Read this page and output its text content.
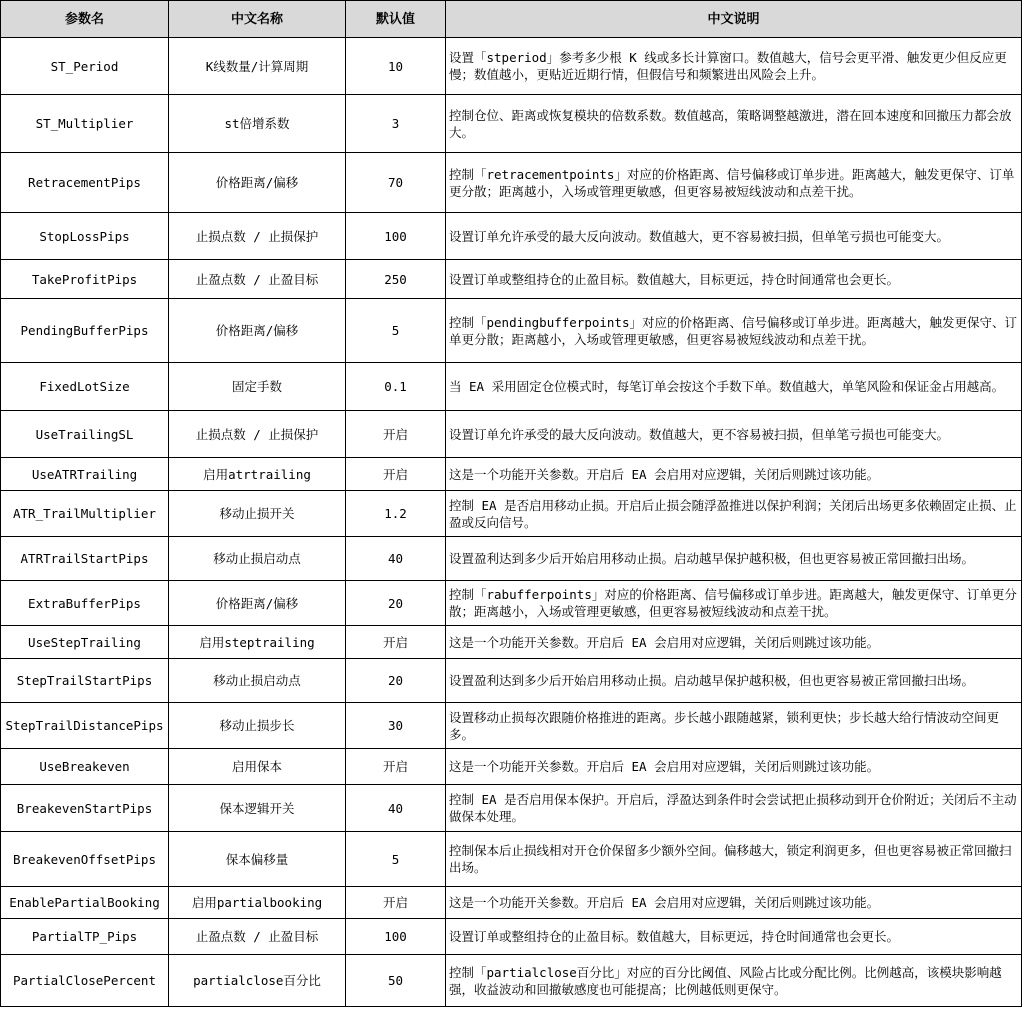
参数名	中文名称	默认值	中文说明
ST_Period	K线数量/计算周期	10	设置「stperiod」参考多少根 K 线或多长计算窗口。数值越大，信号会更平滑、触发更少但反应更慢；数值越小，更贴近近期行情，但假信号和频繁进出风险会上升。
ST_Multiplier	st倍增系数	3	控制仓位、距离或恢复模块的倍数系数。数值越高，策略调整越激进，潜在回本速度和回撤压力都会放大。
RetracementPips	价格距离/偏移	70	控制「retracementpoints」对应的价格距离、信号偏移或订单步进。距离越大，触发更保守、订单更分散；距离越小，入场或管理更敏感，但更容易被短线波动和点差干扰。
StopLossPips	止损点数 / 止损保护	100	设置订单允许承受的最大反向波动。数值越大，更不容易被扫损，但单笔亏损也可能变大。
TakeProfitPips	止盈点数 / 止盈目标	250	设置订单或整组持仓的止盈目标。数值越大，目标更远，持仓时间通常也会更长。
PendingBufferPips	价格距离/偏移	5	控制「pendingbufferpoints」对应的价格距离、信号偏移或订单步进。距离越大，触发更保守、订单更分散；距离越小，入场或管理更敏感，但更容易被短线波动和点差干扰。
FixedLotSize	固定手数	0.1	当 EA 采用固定仓位模式时，每笔订单会按这个手数下单。数值越大，单笔风险和保证金占用越高。
UseTrailingSL	止损点数 / 止损保护	开启	设置订单允许承受的最大反向波动。数值越大，更不容易被扫损，但单笔亏损也可能变大。
UseATRTrailing	启用atrtrailing	开启	这是一个功能开关参数。开启后 EA 会启用对应逻辑，关闭后则跳过该功能。
ATR_TrailMultiplier	移动止损开关	1.2	控制 EA 是否启用移动止损。开启后止损会随浮盈推进以保护利润；关闭后出场更多依赖固定止损、止盈或反向信号。
ATRTrailStartPips	移动止损启动点	40	设置盈利达到多少后开始启用移动止损。启动越早保护越积极，但也更容易被正常回撤扫出场。
ExtraBufferPips	价格距离/偏移	20	控制「rabufferpoints」对应的价格距离、信号偏移或订单步进。距离越大，触发更保守、订单更分散；距离越小，入场或管理更敏感，但更容易被短线波动和点差干扰。
UseStepTrailing	启用steptrailing	开启	这是一个功能开关参数。开启后 EA 会启用对应逻辑，关闭后则跳过该功能。
StepTrailStartPips	移动止损启动点	20	设置盈利达到多少后开始启用移动止损。启动越早保护越积极，但也更容易被正常回撤扫出场。
StepTrailDistancePips	移动止损步长	30	设置移动止损每次跟随价格推进的距离。步长越小跟随越紧，锁利更快；步长越大给行情波动空间更多。
UseBreakeven	启用保本	开启	这是一个功能开关参数。开启后 EA 会启用对应逻辑，关闭后则跳过该功能。
BreakevenStartPips	保本逻辑开关	40	控制 EA 是否启用保本保护。开启后，浮盈达到条件时会尝试把止损移动到开仓价附近；关闭后不主动做保本处理。
BreakevenOffsetPips	保本偏移量	5	控制保本后止损线相对开仓价保留多少额外空间。偏移越大，锁定利润更多，但也更容易被正常回撤扫出场。
EnablePartialBooking	启用partialbooking	开启	这是一个功能开关参数。开启后 EA 会启用对应逻辑，关闭后则跳过该功能。
PartialTP_Pips	止盈点数 / 止盈目标	100	设置订单或整组持仓的止盈目标。数值越大，目标更远，持仓时间通常也会更长。
PartialClosePercent	partialclose百分比	50	控制「partialclose百分比」对应的百分比阈值、风险占比或分配比例。比例越高，该模块影响越强，收益波动和回撤敏感度也可能提高；比例越低则更保守。
